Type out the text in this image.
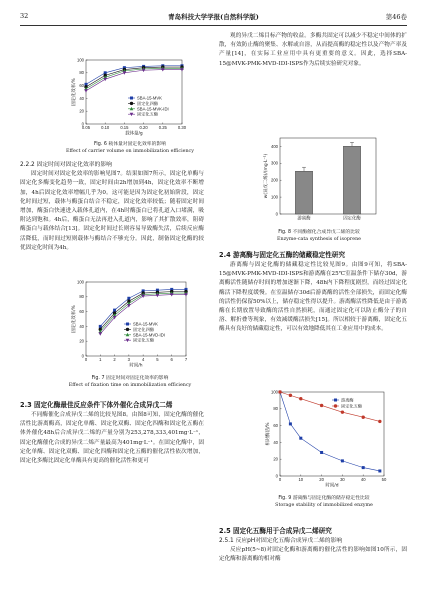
32	青岛科技大学学报(自然科学版)	第46卷
0.05	0.10	0.15	0.20	0.25	0.30
0
20
40
60
80
100
载体量/g
固定化效率/%	SBA-15-MVK
固定化四酶
SBA-15-MVK-IDI
固定化五酶
Fig. 6 载体量对固定化效率的影响
Effect of carrier volume on immobilization efficiency
2.2.2 固定时间对固定化效率的影响

固定时间对固定化效率的影响见图7。结果如图7所示，固定化单酶与固定化多酶变化趋势一致，固定时间由2h增加到4h，固定化效率不断增加，4h后固定化效率增幅几乎为0。这可能是因为固定化初始阶段，固定化时间过短，载体与酶蛋白结合不稳定，固定化效率较低；随着固定时间增加，酶蛋白快速进入载体孔道内，在4h时酶蛋白已将孔道入口堵满，吸附达到饱和。4h后，酶蛋白无法再进入孔道内，影响了其扩散效率，阻碍酶蛋白与载体结合[13]。固定化时间过长则容易导致酶失活，后续反应酶活降低，而时间过短则载体与酶结合不够充分。因此，制备固定化酶的较优固定化时间为4h。

0	1	2	3	4	5	6	7
0
20
40
60
80
100
时间/h
固定化效率/%	SBA-15-MVK
固定化四酶
SBA-15-MVD-IDI
固定化五酶
Fig. 7 固定时间对固定化效率的影响
Effect of fixation time on immobilization efficiency
2.3 固定化酶最佳反应条件下体外催化合成异戊二烯

不同酶催化合成异戊二烯的比较见图8。由图8可知，固定化酶的催化活性比游离酶高，固定化单酶、固定化双酶、固定化四酶和固定化五酶在体外催化48h后合成异戊二烯的产量分别为253,278,333,401mg·L⁻¹，固定化酶催化合成的异戊二烯产量最高为401mg·L⁻¹。在固定化酶中，固定化单酶、固定化双酶、固定化四酶和固定化五酶的催化活性依次增加，固定化多酶比固定化单酶具有更高的催化活性和更可

观的异戊二烯目标产物的收益。多酶共固定可以减少不稳定中间体的扩散，有效防止酶的聚集、水解或自溶，从而提高酶的稳定性以及产物产率及产量[14]，在实际工业应用中具有更重要的意义。因此，选择SBA-15@MVK-PMK-MVD-IDI-ISPS作为后续实验研究对象。

0
100
200
300
400
w(异戊二烯)/(mg·L⁻¹)
游离酶	固定化酶
Fig. 8 不同酶催化合成异戊二烯的比较
Enzyme-cata synthesis of isoprene
2.4 游离酶与固定化五酶的储藏稳定性研究

游离酶与固定化酶的储藏稳定性比较见图9。由图9可知，将SBA-15@MVK-PMK-MVD-IDI-ISPS和游离酶在25℃室温条件下储存30d，游离酶活性随储存时间的增加逐渐下降，48h内下降程度剧烈，而经过固定化酶活下降程度缓慢。在室温储存30d后游离酶的活性全部损失，而固定化酶的活性仍保留50%以上，储存稳定性得以提升。游离酶活性降低是由于游离酶在长期放置导致酶的活性自然损耗，而通过固定化可以防止酶分子的自溶、解折叠等现象，有效减缓酶活损失[15]。所以相较于游离酶，固定化五酶具有良好的储藏稳定性，可以有效地降低其在工业应用中的成本。

0	10	20	30	40	50
0
20
40
60
80
100
时间/d
相对酶活/%
游离酶
固定化五酶
Fig. 9 游离酶与固定化酶的储存稳定性比较
Storage stability of immobilized enzyme
2.5 固定化五酶用于合成异戊二烯研究
2.5.1 反应pH对固定化五酶合成异戊二烯的影响

反应pH(5~8)对固定化酶和游离酶的催化活性的影响如图10所示，固定化酶和游离酶的相对酶
